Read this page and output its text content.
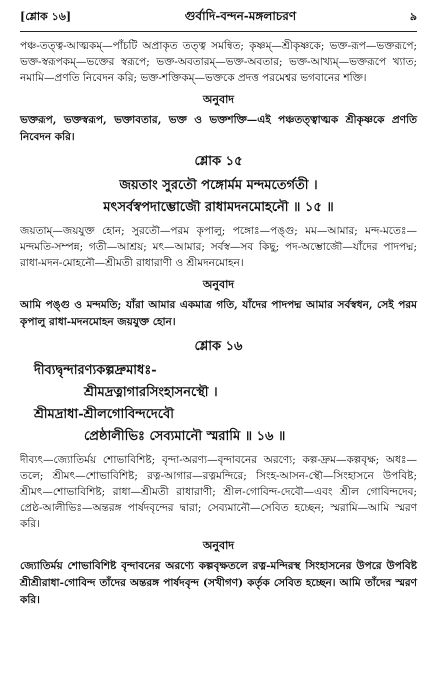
[শ্লোক ১৬]	গুর্বাদি-বন্দন-মঙ্গলাচরণ	৯

পঞ্চ-তত্ত্ব-আত্মকম্—পাঁচটি অপ্রাকৃত তত্ত্ব সমন্বিত; কৃষ্ণম্—শ্রীকৃষ্ণকে; ভক্ত-রূপ—ভক্তরূপে; ভক্ত-স্বরূপকম্—ভক্তের স্বরূপে; ভক্ত-অবতারম্—ভক্ত-অবতার; ভক্ত-আখ্যম্—ভক্তরূপে খ্যাত; নমামি—প্রণতি নিবেদন করি; ভক্ত-শক্তিকম্—ভক্তকে প্রদত্ত পরমেশ্বর ভগবানের শক্তি।

অনুবাদ

ভক্তরূপ, ভক্তস্বরূপ, ভক্তাবতার, ভক্ত ও ভক্তশক্তি—এই পঞ্চতত্ত্বাত্মক শ্রীকৃষ্ণকে প্রণতি নিবেদন করি।

শ্লোক ১৫
জয়তাং সুরতৌ পঙ্গোর্মম মন্দমতের্গতী ।
মৎসর্বস্বপদাম্ভোজৌ রাধামদনমোহনৌ ॥ ১৫ ॥

জয়তাম্—জয়যুক্ত হোন; সুরতৌ—পরম কৃপালু; পঙ্গোঃ—পঙ্গু; মম—আমার; মন্দ-মতেঃ—মন্দমতি-সম্পন্ন; গতী—আশ্রয়; মৎ—আমার; সর্বস্ব—সব কিছু; পদ-অম্ভোজৌ—যাঁদের পাদপদ্ম; রাধা-মদন-মোহনৌ—শ্রীমতী রাধারাণী ও শ্রীমদনমোহন।

অনুবাদ

আমি পঙ্গু ও মন্দমতি; যাঁরা আমার একমাত্র গতি, যাঁদের পাদপদ্ম আমার সর্বস্বধন, সেই পরম কৃপালু রাধা-মদনমোহন জয়যুক্ত হোন।

শ্লোক ১৬
দীব্যদ্বৃন্দারণ্যকল্পদ্রুমাধঃ-
শ্রীমদ্রত্নাগারসিংহাসনস্থৌ ।
শ্রীমদ্রাধা-শ্রীলগোবিন্দদেবৌ
প্রেষ্ঠালীভিঃ সেব্যমানৌ স্মরামি ॥ ১৬ ॥

দীব্যৎ—জ্যোতির্ময় শোভাবিশিষ্ট; বৃন্দা-অরণ্য—বৃন্দাবনের অরণ্যে; কল্প-দ্রুম—কল্পবৃক্ষ; অধঃ—তলে; শ্রীমৎ—শোভাবিশিষ্ট; রত্ন-আগার—রত্নমন্দিরে; সিংহ-আসন-স্থৌ—সিংহাসনে উপবিষ্ট; শ্রীমৎ—শোভাবিশিষ্ট; রাধা—শ্রীমতী রাধারাণী; শ্রীল-গোবিন্দ-দেবৌ—এবং শ্রীল গোবিন্দদেব; প্রেষ্ঠ-আলীভিঃ—অন্তরঙ্গ পার্ষদবৃন্দের দ্বারা; সেব্যমানৌ—সেবিত হচ্ছেন; স্মরামি—আমি স্মরণ করি।

অনুবাদ

জ্যোতির্ময় শোভাবিশিষ্ট বৃন্দাবনের অরণ্যে কল্পবৃক্ষতলে রত্ন-মন্দিরস্থ সিংহাসনের উপরে উপবিষ্ট শ্রীশ্রীরাধা-গোবিন্দ তাঁদের অন্তরঙ্গ পার্ষদবৃন্দ (সখীগণ) কর্তৃক সেবিত হচ্ছেন। আমি তাঁদের স্মরণ করি।
